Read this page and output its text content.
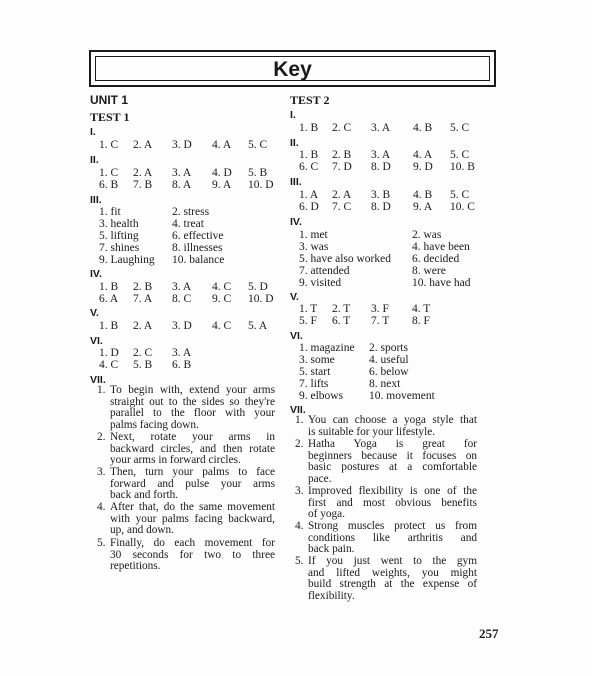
Key
UNIT 1
TEST 1
I.
1. C 2. A 3. D 4. A 5. C
II.
1. C 2. A 3. A 4. D 5. B
6. B 7. B 8. A 9. A 10. D
III.
1. fit
3. health
5. lifting
7. shines
9. Laughing
2. stress
4. treat
6. effective
8. illnesses
10. balance
IV.
1. B 2. B 3. A 4. C 5. D
6. A 7. A 8. C 9. C 10. D
V.
1. B 2. A 3. D 4. C 5. A
VI.
1. D 2. C 3. A
4. C 5. B 6. B
VII.
1. To begin with, extend your arms
straight out to the sides so they're
parallel to the floor with your
palms facing down.
2. Next, rotate your arms in
backward circles, and then rotate
your arms in forward circles.
3. Then, turn your palms to face
forward and pulse your arms
back and forth.
4. After that, do the same movement
with your palms facing backward,
up, and down.
5. Finally, do each movement for
30 seconds for two to three
repetitions.
TEST 2
I.
1. B 2. C 3. A 4. B 5. C
II.
1. B 2. B 3. A 4. A 5. C
6. C 7. D 8. D 9. D 10. B
III.
1. A 2. A 3. B 4. B 5. C
6. D 7. C 8. D 9. A 10. C
IV.
1. met
3. was
5. have also worked
7. attended
9. visited
2. was
4. have been
6. decided
8. were
10. have had
V.
1. T 2. T 3. F 4. T
5. F 6. T 7. T 8. F
VI.
1. magazine
3. some
5. start
7. lifts
9. elbows
2. sports
4. useful
6. below
8. next
10. movement
VII.
1. You can choose a yoga style that
is suitable for your lifestyle.
2. Hatha Yoga is great for
beginners because it focuses on
basic postures at a comfortable
pace.
3. Improved flexibility is one of the
first and most obvious benefits
of yoga.
4. Strong muscles protect us from
conditions like arthritis and
back pain.
5. If you just went to the gym
and lifted weights, you might
build strength at the expense of
flexibility.
257
